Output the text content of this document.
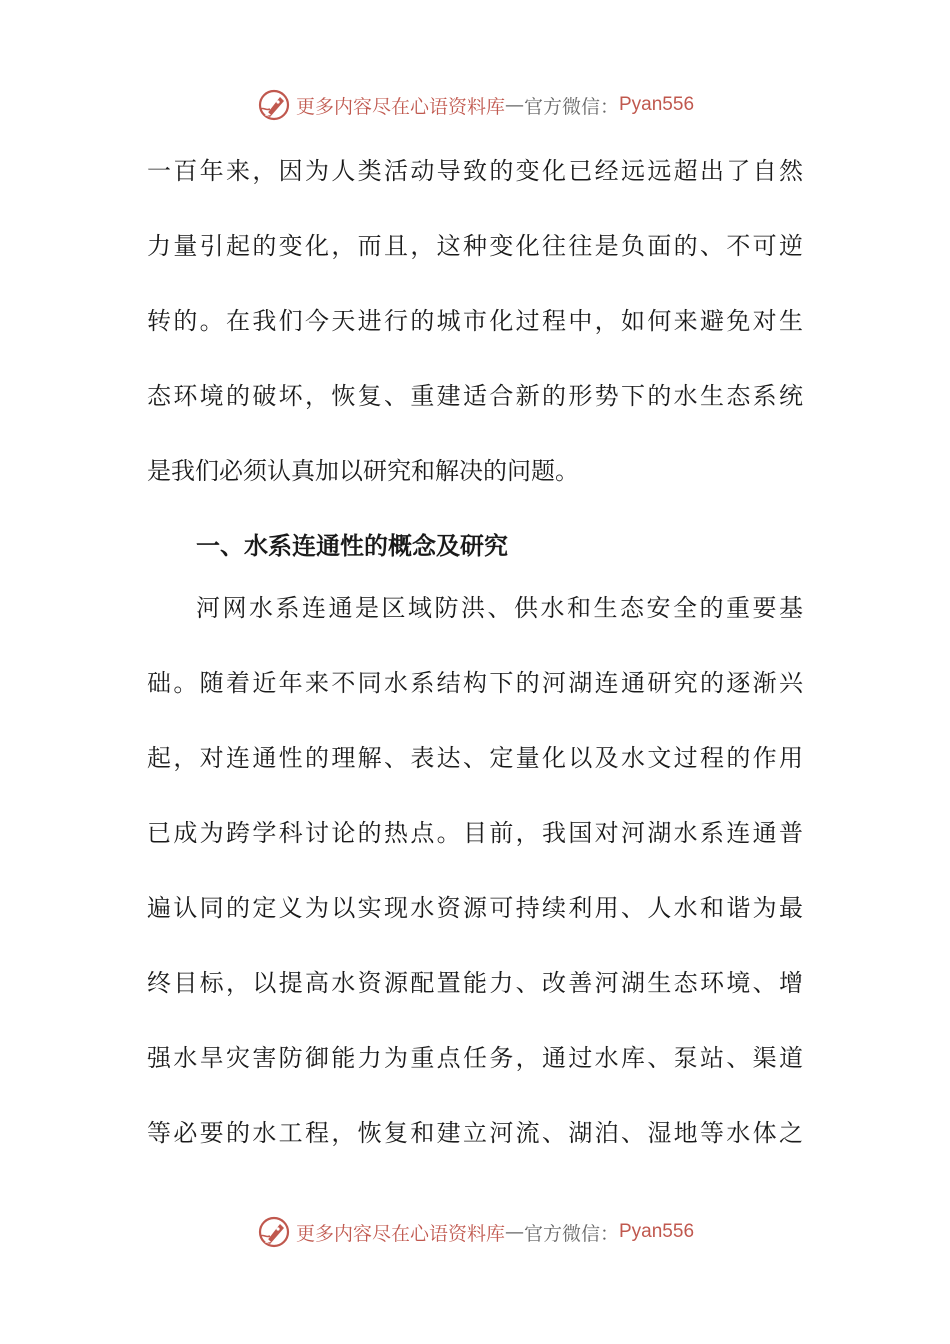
更多内容尽在心语资料库 — 官方微信： Pyan556
一百年来，因为人类活动导致的变化已经远远超出了自然
力量引起的变化，而且，这种变化往往是负面的、不可逆
转的。在我们今天进行的城市化过程中，如何来避免对生
态环境的破坏，恢复、重建适合新的形势下的水生态系统
是我们必须认真加以研究和解决的问题。
一、水系连通性的概念及研究
河网水系连通是区域防洪、供水和生态安全的重要基
础。随着近年来不同水系结构下的河湖连通研究的逐渐兴
起，对连通性的理解、表达、定量化以及水文过程的作用
已成为跨学科讨论的热点。目前，我国对河湖水系连通普
遍认同的定义为以实现水资源可持续利用、人水和谐为最
终目标，以提高水资源配置能力、改善河湖生态环境、增
强水旱灾害防御能力为重点任务，通过水库、泵站、渠道
等必要的水工程，恢复和建立河流、湖泊、湿地等水体之
更多内容尽在心语资料库 — 官方微信： Pyan556
